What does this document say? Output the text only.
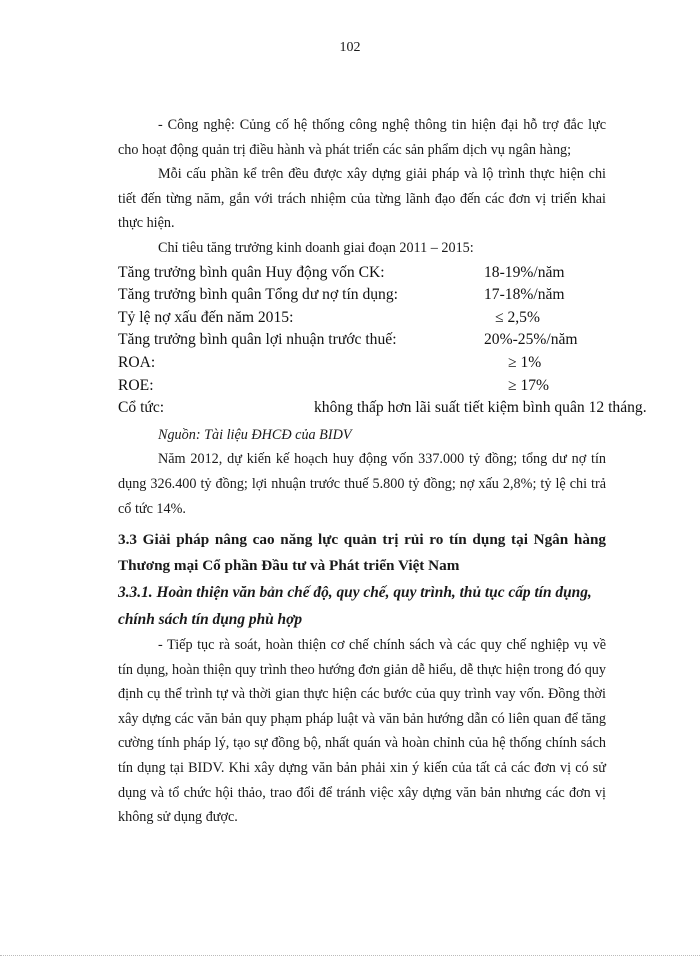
102

- Công nghệ: Củng cố hệ thống công nghệ thông tin hiện đại hỗ trợ đắc lực cho hoạt động quản trị điều hành và phát triển các sản phẩm dịch vụ ngân hàng;

Mỗi cấu phần kể trên đều được xây dựng giải pháp và lộ trình thực hiện chi tiết đến từng năm, gắn với trách nhiệm của từng lãnh đạo đến các đơn vị triển khai thực hiện.

Chỉ tiêu tăng trưởng kinh doanh giai đoạn 2011 – 2015:

Tăng trưởng bình quân Huy động vốn CK:	18-19%/năm
Tăng trưởng bình quân Tổng dư nợ tín dụng:	17-18%/năm
Tỷ lệ nợ xấu đến năm 2015:	≤ 2,5%
Tăng trưởng bình quân lợi nhuận trước thuế:	20%-25%/năm
ROA:	≥ 1%
ROE:	≥ 17%
Cổ tức:	không thấp hơn lãi suất tiết kiệm bình quân 12 tháng.

Nguồn: Tài liệu ĐHCĐ của BIDV

Năm 2012, dự kiến kế hoạch huy động vốn 337.000 tỷ đồng; tổng dư nợ tín dụng 326.400 tỷ đồng; lợi nhuận trước thuế 5.800 tỷ đồng; nợ xấu 2,8%; tỷ lệ chi trả cổ tức 14%.

3.3 Giải pháp nâng cao năng lực quản trị rủi ro tín dụng tại Ngân hàng Thương mại Cổ phần Đầu tư và Phát triển Việt Nam

3.3.1. Hoàn thiện văn bản chế độ, quy chế, quy trình, thủ tục cấp tín dụng, chính sách tín dụng phù hợp

- Tiếp tục rà soát, hoàn thiện cơ chế chính sách và các quy chế nghiệp vụ về tín dụng, hoàn thiện quy trình theo hướng đơn giản dễ hiểu, dễ thực hiện trong đó quy định cụ thể trình tự và thời gian thực hiện các bước của quy trình vay vốn. Đồng thời xây dựng các văn bản quy phạm pháp luật và văn bản hướng dẫn có liên quan để tăng cường tính pháp lý, tạo sự đồng bộ, nhất quán và hoàn chỉnh của hệ thống chính sách tín dụng tại BIDV. Khi xây dựng văn bản phải xin ý kiến của tất cả các đơn vị có sử dụng và tổ chức hội thảo, trao đổi để tránh việc xây dựng văn bản nhưng các đơn vị không sử dụng được.
